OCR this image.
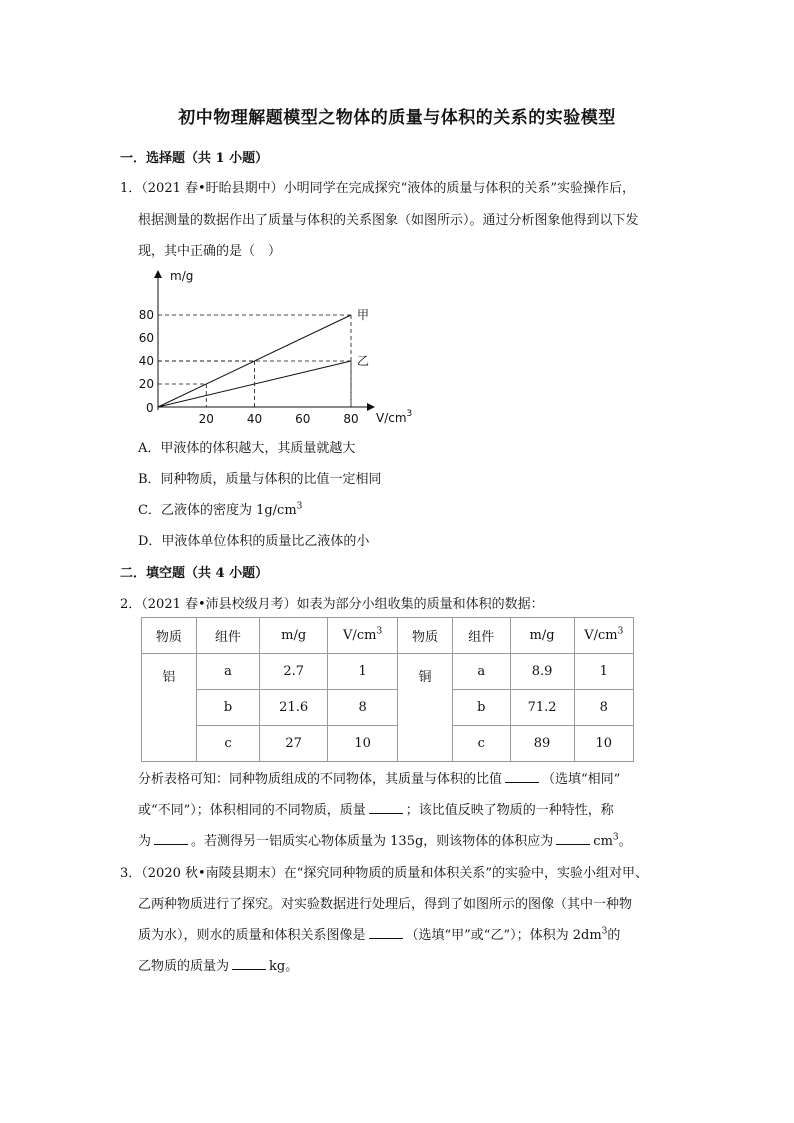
初中物理解题模型之物体的质量与体积的关系的实验模型
一．选择题（共 1 小题）
1．（2021 春•盱眙县期中）小明同学在完成探究“液体的质量与体积的关系”实验操作后，
根据测量的数据作出了质量与体积的关系图象（如图所示）。通过分析图象他得到以下发
现，其中正确的是（　）
m/g
$V/cm^3$
0
20	40	60	80
20
40
60
80	甲
乙
A．甲液体的体积越大，其质量就越大
B．同种物质，质量与体积的比值一定相同
C．乙液体的密度为 $1g/cm^3$
D．甲液体单位体积的质量比乙液体的小
二．填空题（共 4 小题）
2．（2021 春•沛县校级月考）如表为部分小组收集的质量和体积的数据：
物质	组件	m/g	$V/cm^3$	物质	组件	m/g	$V/cm^3$
铝	a	2.7	1	铜	a	8.9	1
	b	21.6	8		b	71.2	8
	c	27	10		c	89	10
分析表格可知：同种物质组成的不同物体，其质量与体积的比值	（选填“相同”
或“不同”）；体积相同的不同物质，质量	；该比值反映了物质的一种特性，称
为	。若测得另一铝质实心物体质量为 135g，则该物体的体积应为	$cm^3$。
3．（2020 秋•南陵县期末）在“探究同种物质的质量和体积关系”的实验中，实验小组对甲、
乙两种物质进行了探究。对实验数据进行处理后，得到了如图所示的图像（其中一种物
质为水），则水的质量和体积关系图像是	（选填“甲”或“乙”）；体积为 $2dm^3$的
乙物质的质量为	kg。
